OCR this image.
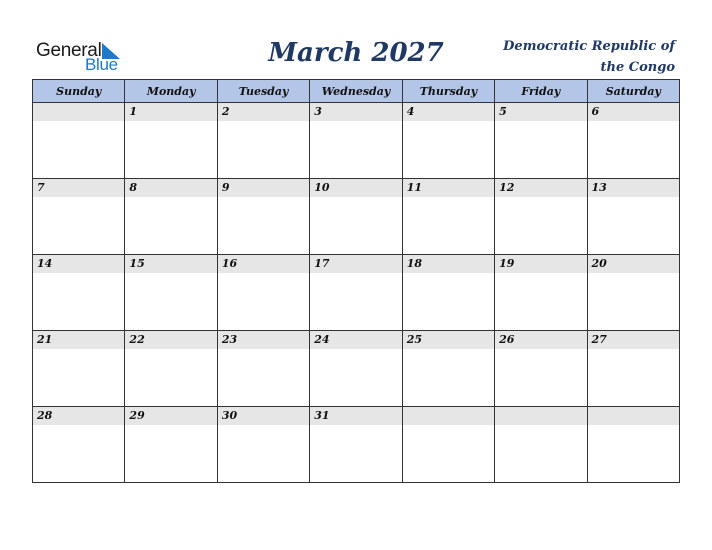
General
Blue	March 2027	Democratic Republic of
the Congo
Sunday	Monday	Tuesday	Wednesday	Thursday	Friday	Saturday

	1	2	3	4	5	6

7	8	9	10	11	12	13

14	15	16	17	18	19	20

21	22	23	24	25	26	27

28	29	30	31			
